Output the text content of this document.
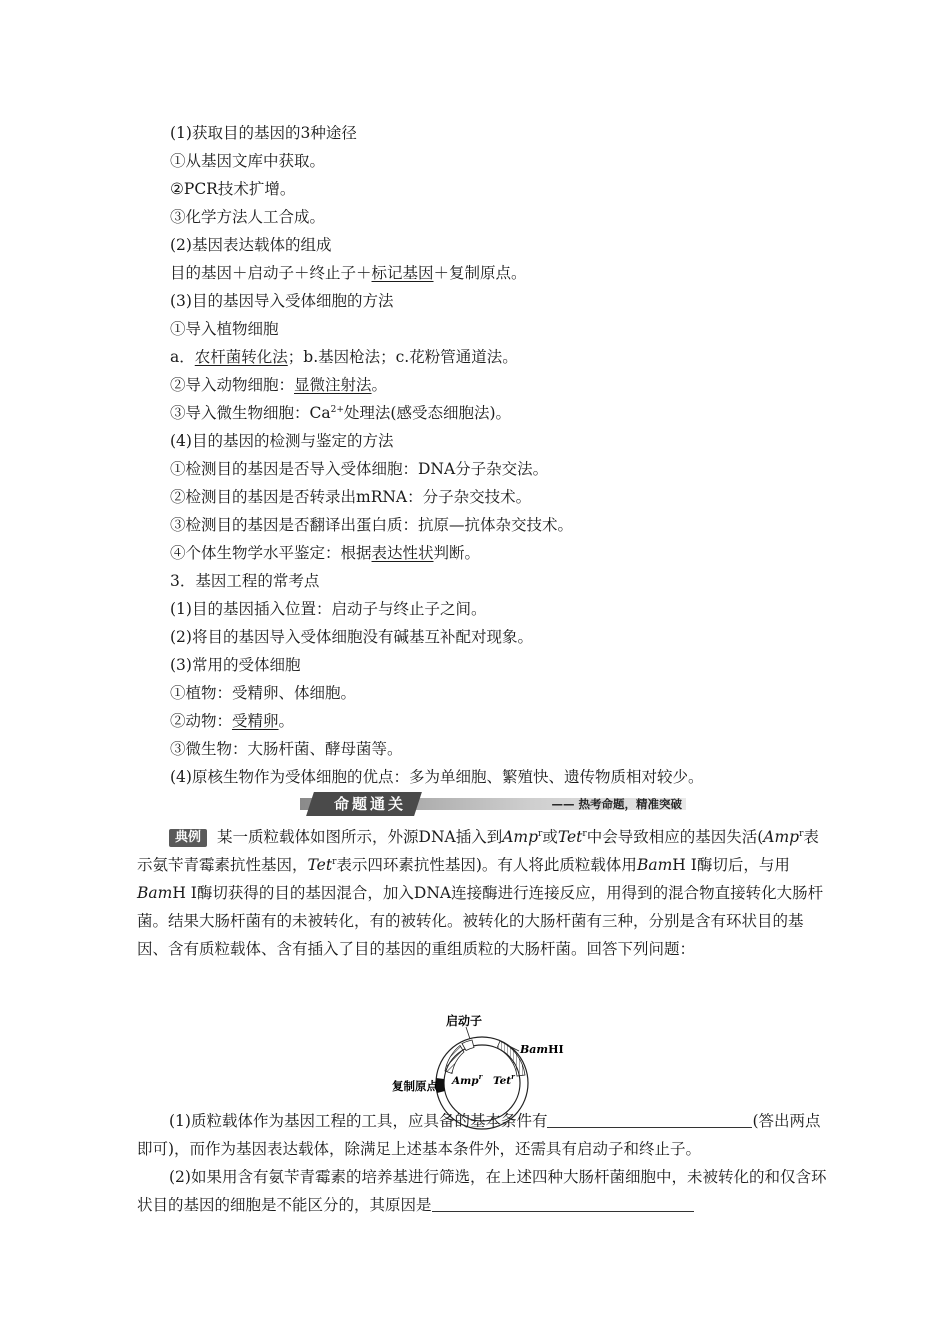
(1)获取目的基因的3种途径
①从基因文库中获取。
②PCR技术扩增。
③化学方法人工合成。
(2)基因表达载体的组成
目的基因＋启动子＋终止子＋标记基因＋复制原点。
(3)目的基因导入受体细胞的方法
①导入植物细胞
a．农杆菌转化法；b.基因枪法；c.花粉管通道法。
②导入动物细胞：显微注射法。
③导入微生物细胞：$Ca^{2+}$处理法(感受态细胞法)。
(4)目的基因的检测与鉴定的方法
①检测目的基因是否导入受体细胞：DNA分子杂交法。
②检测目的基因是否转录出mRNA：分子杂交技术。
③检测目的基因是否翻译出蛋白质：抗原—抗体杂交技术。
④个体生物学水平鉴定：根据表达性状判断。
3．基因工程的常考点
(1)目的基因插入位置：启动子与终止子之间。
(2)将目的基因导入受体细胞没有碱基互补配对现象。
(3)常用的受体细胞
①植物：受精卵、体细胞。
②动物：受精卵。
③微生物：大肠杆菌、酵母菌等。
(4)原核生物作为受体细胞的优点：多为单细胞、繁殖快、遗传物质相对较少。
命题通关	—— 热考命题，精准突破
典例 某一质粒载体如图所示，外源DNA插入到Amp$^r$或Tet$^r$中会导致相应的基因失活(Amp$^r$表示氨苄青霉素抗性基因，Tet$^r$表示四环素抗性基因)。有人将此质粒载体用BamH Ⅰ酶切后，与用BamH Ⅰ酶切获得的目的基因混合，加入DNA连接酶进行连接反应，用得到的混合物直接转化大肠杆菌。结果大肠杆菌有的未被转化，有的被转化。被转化的大肠杆菌有三种，分别是含有环状目的基因、含有质粒载体、含有插入了目的基因的重组质粒的大肠杆菌。回答下列问题：
启动子
BamHⅠ
复制原点 Amp$^r$ Tet$^r$
(1)质粒载体作为基因工程的工具，应具备的基本条件有	(答出两点即可)，而作为基因表达载体，除满足上述基本条件外，还需具有启动子和终止子。
(2)如果用含有氨苄青霉素的培养基进行筛选，在上述四种大肠杆菌细胞中，未被转化的和仅含环状目的基因的细胞是不能区分的，其原因是
